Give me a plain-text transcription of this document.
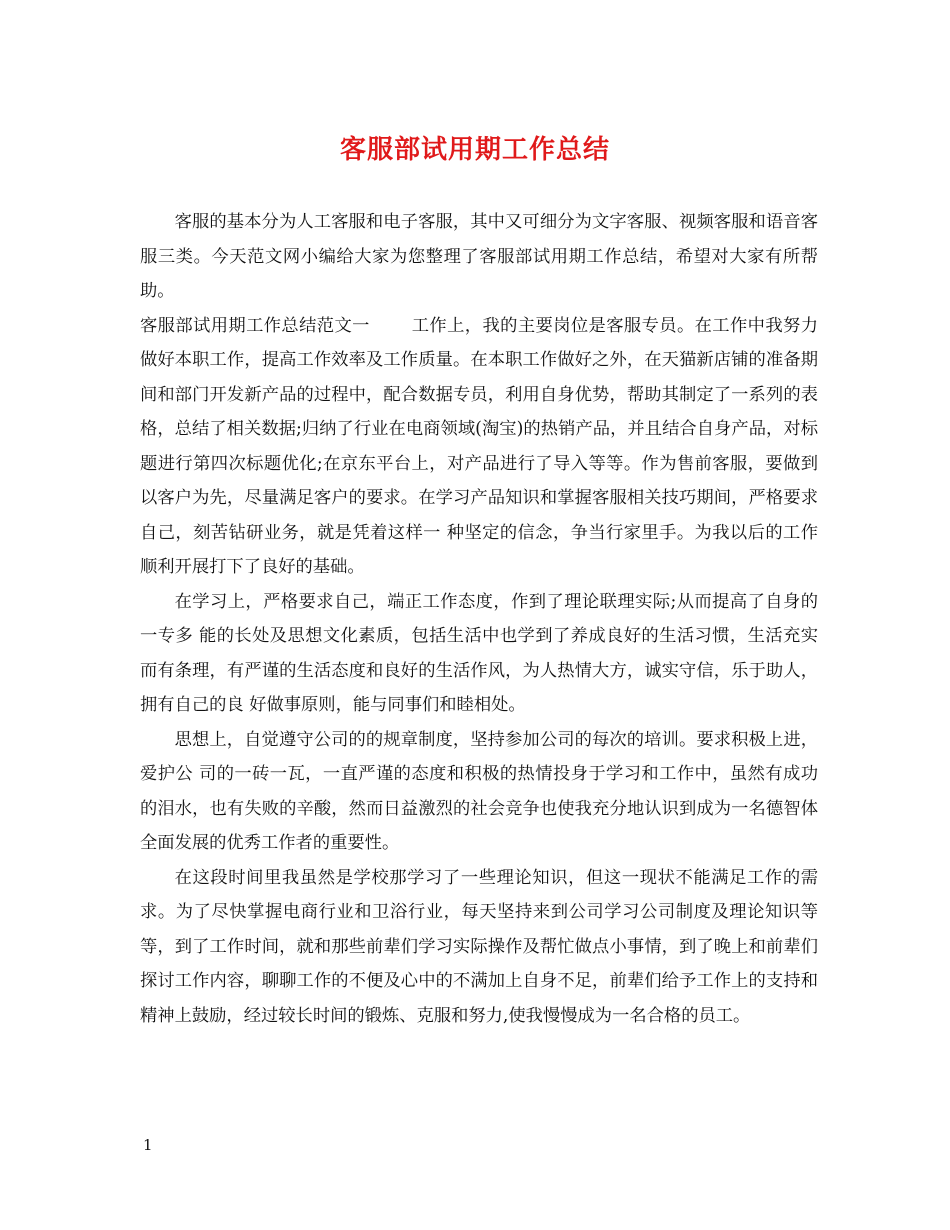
客服部试用期工作总结

客服的基本分为人工客服和电子客服，其中又可细分为文字客服、视频客服和语音客服三类。今天范文网小编给大家为您整理了客服部试用期工作总结，希望对大家有所帮助。

客服部试用期工作总结范文一 工作上，我的主要岗位是客服专员。在工作中我努力做好本职工作，提高工作效率及工作质量。在本职工作做好之外，在天猫新店铺的准备期间和部门开发新产品的过程中，配合数据专员，利用自身优势，帮助其制定了一系列的表格，总结了相关数据;归纳了行业在电商领域(淘宝)的热销产品，并且结合自身产品，对标题进行第四次标题优化;在京东平台上，对产品进行了导入等等。作为售前客服，要做到以客户为先，尽量满足客户的要求。在学习产品知识和掌握客服相关技巧期间，严格要求自己，刻苦钻研业务，就是凭着这样一 种坚定的信念，争当行家里手。为我以后的工作顺利开展打下了良好的基础。

在学习上，严格要求自己，端正工作态度，作到了理论联理实际;从而提高了自身的一专多 能的长处及思想文化素质，包括生活中也学到了养成良好的生活习惯，生活充实而有条理，有严谨的生活态度和良好的生活作风，为人热情大方，诚实守信，乐于助人，拥有自己的良 好做事原则，能与同事们和睦相处。

思想上，自觉遵守公司的的规章制度，坚持参加公司的每次的培训。要求积极上进，爱护公 司的一砖一瓦，一直严谨的态度和积极的热情投身于学习和工作中，虽然有成功的泪水，也有失败的辛酸，然而日益激烈的社会竞争也使我充分地认识到成为一名德智体全面发展的优秀工作者的重要性。

在这段时间里我虽然是学校那学习了一些理论知识，但这一现状不能满足工作的需求。为了尽快掌握电商行业和卫浴行业，每天坚持来到公司学习公司制度及理论知识等等，到了工作时间，就和那些前辈们学习实际操作及帮忙做点小事情，到了晚上和前辈们探讨工作内容，聊聊工作的不便及心中的不满加上自身不足，前辈们给予工作上的支持和精神上鼓励，经过较长时间的锻炼、克服和努力,使我慢慢成为一名合格的员工。

1
